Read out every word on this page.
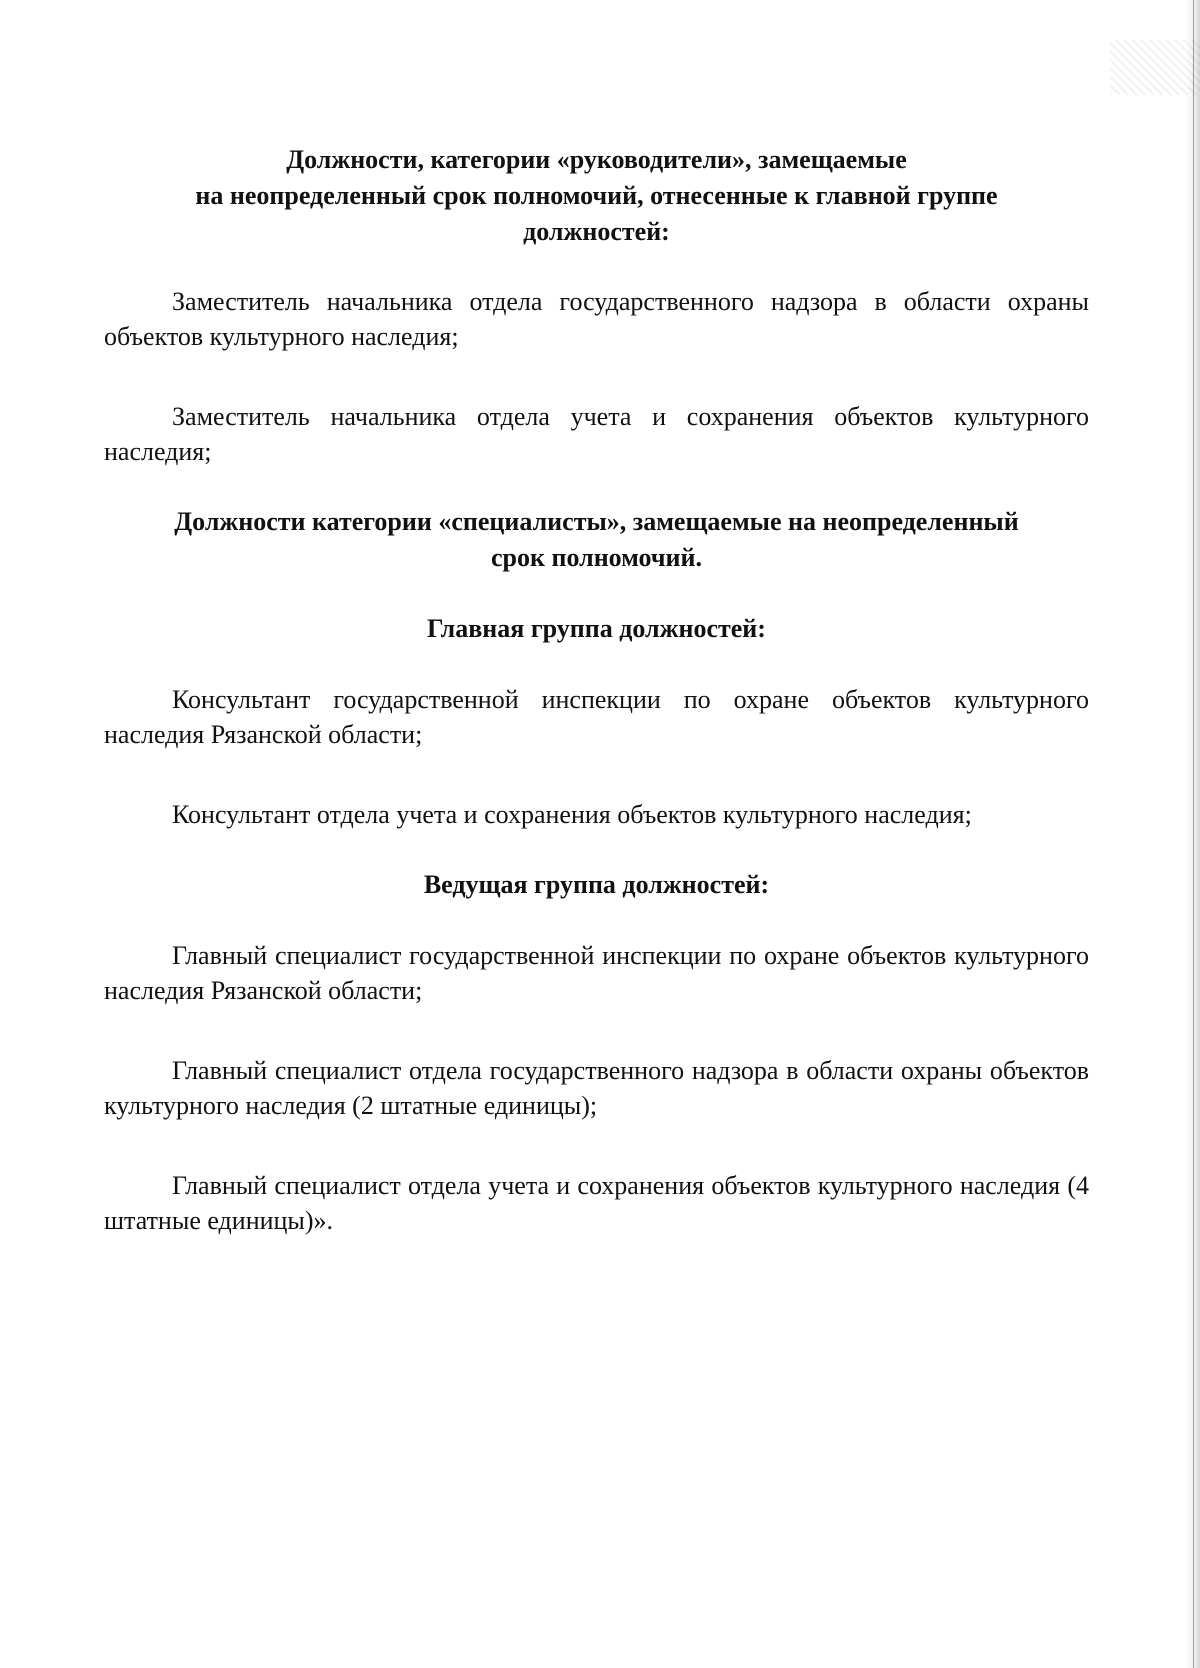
Должности, категории «руководители», замещаемые
на неопределенный срок полномочий, отнесенные к главной группе
должностей:

Заместитель начальника отдела государственного надзора в области охраны объектов культурного наследия;

Заместитель начальника отдела учета и сохранения объектов культурного наследия;

Должности категории «специалисты», замещаемые на неопределенный
срок полномочий.
Главная группа должностей:

Консультант государственной инспекции по охране объектов культурного наследия Рязанской области;

Консультант отдела учета и сохранения объектов культурного наследия;

Ведущая группа должностей:

Главный специалист государственной инспекции по охране объектов культурного наследия Рязанской области;

Главный специалист отдела государственного надзора в области охраны объектов культурного наследия (2 штатные единицы);

Главный специалист отдела учета и сохранения объектов культурного наследия (4 штатные единицы)».
